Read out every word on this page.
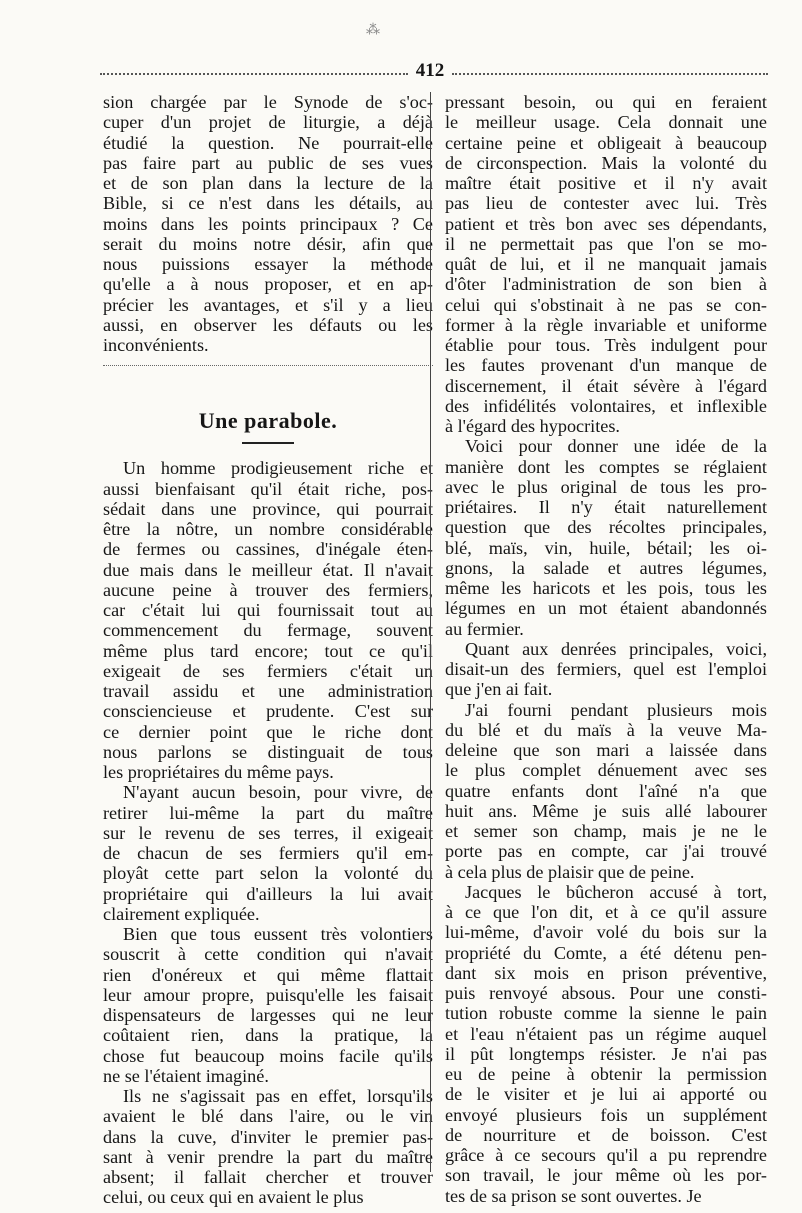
⁂
412

sion chargée par le Synode de s'oc-
cuper d'un projet de liturgie, a déjà
étudié la question. Ne pourrait-elle
pas faire part au public de ses vues
et de son plan dans la lecture de la
Bible, si ce n'est dans les détails, au
moins dans les points principaux ? Ce
serait du moins notre désir, afin que
nous puissions essayer la méthode
qu'elle a à nous proposer, et en ap-
précier les avantages, et s'il y a lieu
aussi, en observer les défauts ou les
inconvénients.

Une parabole.

Un homme prodigieusement riche et
aussi bienfaisant qu'il était riche, pos-
sédait dans une province, qui pourrait
être la nôtre, un nombre considérable
de fermes ou cassines, d'inégale éten-
due mais dans le meilleur état. Il n'avait
aucune peine à trouver des fermiers,
car c'était lui qui fournissait tout au
commencement du fermage, souvent
même plus tard encore; tout ce qu'il
exigeait de ses fermiers c'était un
travail assidu et une administration
consciencieuse et prudente. C'est sur
ce dernier point que le riche dont
nous parlons se distinguait de tous
les propriétaires du même pays.

N'ayant aucun besoin, pour vivre, de
retirer lui-même la part du maître
sur le revenu de ses terres, il exigeait
de chacun de ses fermiers qu'il em-
ployât cette part selon la volonté du
propriétaire qui d'ailleurs la lui avait
clairement expliquée.

Bien que tous eussent très volontiers
souscrit à cette condition qui n'avait
rien d'onéreux et qui même flattait
leur amour propre, puisqu'elle les faisait
dispensateurs de largesses qui ne leur
coûtaient rien, dans la pratique, la
chose fut beaucoup moins facile qu'ils
ne se l'étaient imaginé.

Ils ne s'agissait pas en effet, lorsqu'ils
avaient le blé dans l'aire, ou le vin
dans la cuve, d'inviter le premier pas-
sant à venir prendre la part du maître
absent; il fallait chercher et trouver
celui, ou ceux qui en avaient le plus

pressant besoin, ou qui en feraient
le meilleur usage. Cela donnait une
certaine peine et obligeait à beaucoup
de circonspection. Mais la volonté du
maître était positive et il n'y avait
pas lieu de contester avec lui. Très
patient et très bon avec ses dépendants,
il ne permettait pas que l'on se mo-
quât de lui, et il ne manquait jamais
d'ôter l'administration de son bien à
celui qui s'obstinait à ne pas se con-
former à la règle invariable et uniforme
établie pour tous. Très indulgent pour
les fautes provenant d'un manque de
discernement, il était sévère à l'égard
des infidélités volontaires, et inflexible
à l'égard des hypocrites.

Voici pour donner une idée de la
manière dont les comptes se réglaient
avec le plus original de tous les pro-
priétaires. Il n'y était naturellement
question que des récoltes principales,
blé, maïs, vin, huile, bétail; les oi-
gnons, la salade et autres légumes,
même les haricots et les pois, tous les
légumes en un mot étaient abandonnés
au fermier.

Quant aux denrées principales, voici,
disait-un des fermiers, quel est l'emploi
que j'en ai fait.

J'ai fourni pendant plusieurs mois
du blé et du maïs à la veuve Ma-
deleine que son mari a laissée dans
le plus complet dénuement avec ses
quatre enfants dont l'aîné n'a que
huit ans. Même je suis allé labourer
et semer son champ, mais je ne le
porte pas en compte, car j'ai trouvé
à cela plus de plaisir que de peine.

Jacques le bûcheron accusé à tort,
à ce que l'on dit, et à ce qu'il assure
lui-même, d'avoir volé du bois sur la
propriété du Comte, a été détenu pen-
dant six mois en prison préventive,
puis renvoyé absous. Pour une consti-
tution robuste comme la sienne le pain
et l'eau n'étaient pas un régime auquel
il pût longtemps résister. Je n'ai pas
eu de peine à obtenir la permission
de le visiter et je lui ai apporté ou
envoyé plusieurs fois un supplément
de nourriture et de boisson. C'est
grâce à ce secours qu'il a pu reprendre
son travail, le jour même où les por-
tes de sa prison se sont ouvertes. Je
